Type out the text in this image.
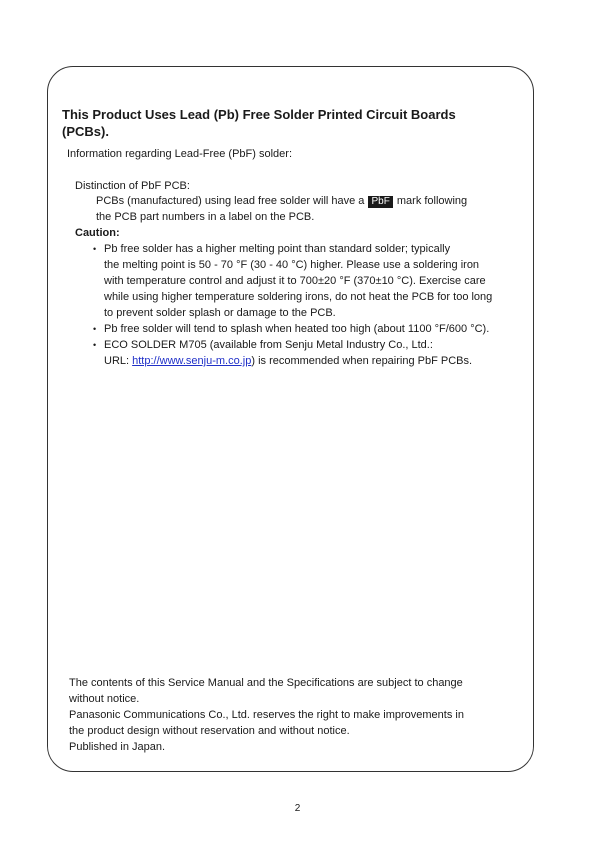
This Product Uses Lead (Pb) Free Solder Printed Circuit Boards (PCBs).

Information regarding Lead-Free (PbF) solder:

Distinction of PbF PCB:

PCBs (manufactured) using lead free solder will have a PbF mark following
the PCB part numbers in a label on the PCB.

Caution:

• Pb free solder has a higher melting point than standard solder; typically
the melting point is 50 - 70 °F (30 - 40 °C) higher. Please use a soldering iron
with temperature control and adjust it to 700±20 °F (370±10 °C). Exercise care
while using higher temperature soldering irons, do not heat the PCB for too long
to prevent solder splash or damage to the PCB.
• Pb free solder will tend to splash when heated too high (about 1100 °F/600 °C).
• ECO SOLDER M705 (available from Senju Metal Industry Co., Ltd.:
URL: http://www.senju-m.co.jp) is recommended when repairing PbF PCBs.
The contents of this Service Manual and the Specifications are subject to change
without notice.
Panasonic Communications Co., Ltd. reserves the right to make improvements in
the product design without reservation and without notice.
Published in Japan.

2
